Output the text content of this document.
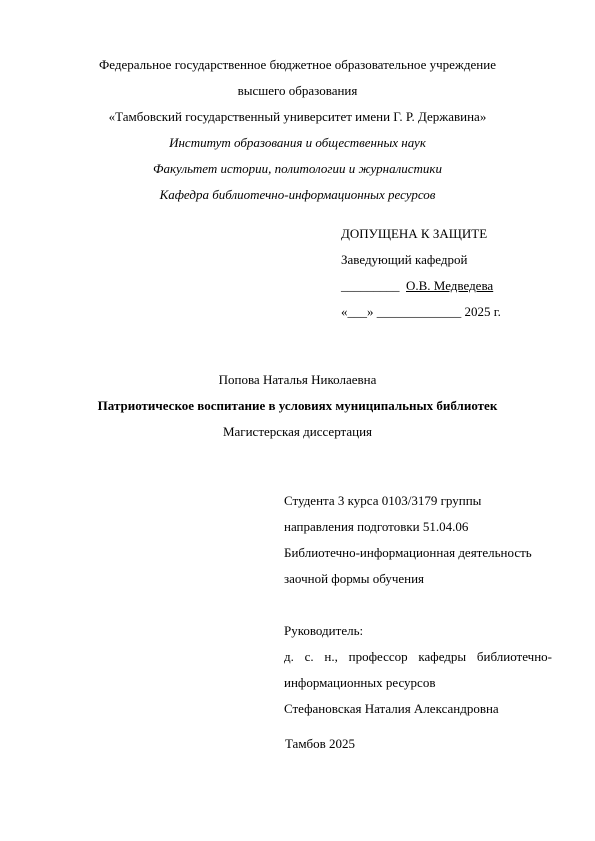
Федеральное государственное бюджетное образовательное учреждение
высшего образования
«Тамбовский государственный университет имени Г. Р. Державина»
Институт образования и общественных наук
Факультет истории, политологии и журналистики
Кафедра библиотечно-информационных ресурсов
ДОПУЩЕНА К ЗАЩИТЕ
Заведующий кафедрой
_________ О.В. Медведева
«___» _____________ 2025 г.
Попова Наталья Николаевна
Патриотическое воспитание в условиях муниципальных библиотек
Магистерская диссертация
Студента 3 курса 0103/3179 группы
направления подготовки 51.04.06
Библиотечно-информационная деятельность
заочной формы обучения
Руководитель:
д. с. н., профессор кафедры библиотечно-
информационных ресурсов
Стефановская Наталия Александровна
Тамбов 2025
